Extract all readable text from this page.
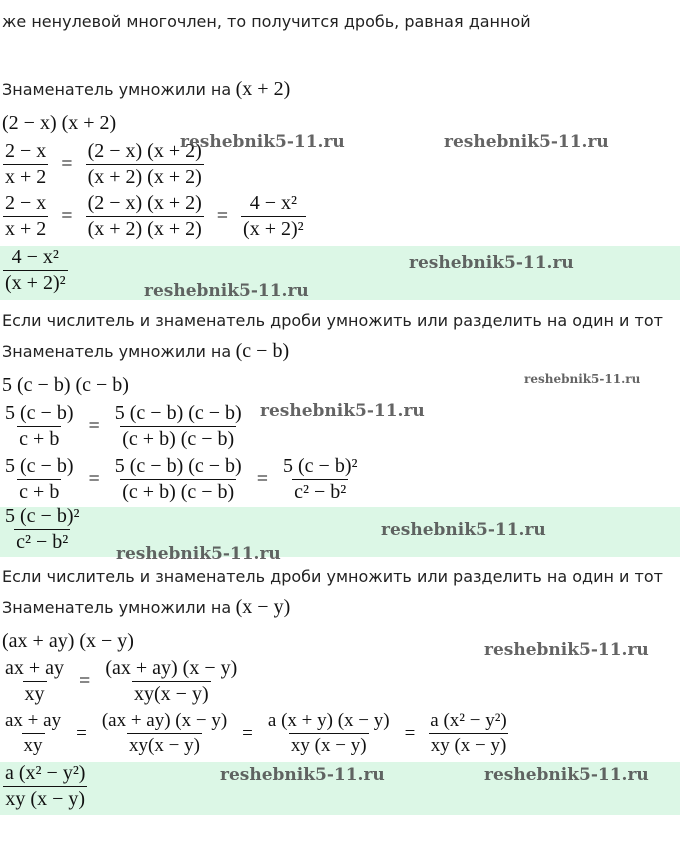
же ненулевой многочлен, то получится дробь, равная данной
Знаменатель умножили на (x + 2)
(2 − x) (x + 2)
$\frac{2 - x}{x + 2} = \frac{(2 - x) (x + 2)}{(x + 2) (x + 2)}$
$\frac{2 - x}{x + 2} = \frac{(2 - x) (x + 2)}{(x + 2) (x + 2)} = \frac{\text{4 − x²}}{\text{(x + 2)²}}$
$\frac{\text{4 − x²}}{\text{(x + 2)²}}$
Если числитель и знаменатель дроби умножить или разделить на один и тот
Знаменатель умножили на (c − b)
5 (c − b) (c − b)
$\frac{5 (c - b)}{c + b} = \frac{5 (c - b) (c - b)}{(c + b) (c - b)}$
$\frac{5 (c - b)}{c + b} = \frac{5 (c - b) (c - b)}{(c + b) (c - b)} = \frac{\text{5 (c − b)²}}{\text{c² − b²}}$
$\frac{\text{5 (c − b)²}}{\text{c² − b²}}$
Если числитель и знаменатель дроби умножить или разделить на один и тот
Знаменатель умножили на (x − y)
(ax + ay) (x − y)
$\frac{ax + ay}{xy} = \frac{(ax + ay) (x - y)}{xy(x - y)}$
$\frac{ax + ay}{xy} = \frac{(ax + ay) (x - y)}{xy(x - y)} = \frac{a (x + y) (x - y)}{xy (x - y)} = \frac{\text{a (x² − y²)}}{xy (x - y)}$
$\frac{\text{a (x² − y²)}}{xy (x - y)}$
reshebnik5-11.ru	reshebnik5-11.ru
reshebnik5-11.ru
reshebnik5-11.ru
reshebnik5-11.ru
reshebnik5-11.ru
reshebnik5-11.ru
reshebnik5-11.ru
reshebnik5-11.ru
reshebnik5-11.ru	reshebnik5-11.ru
